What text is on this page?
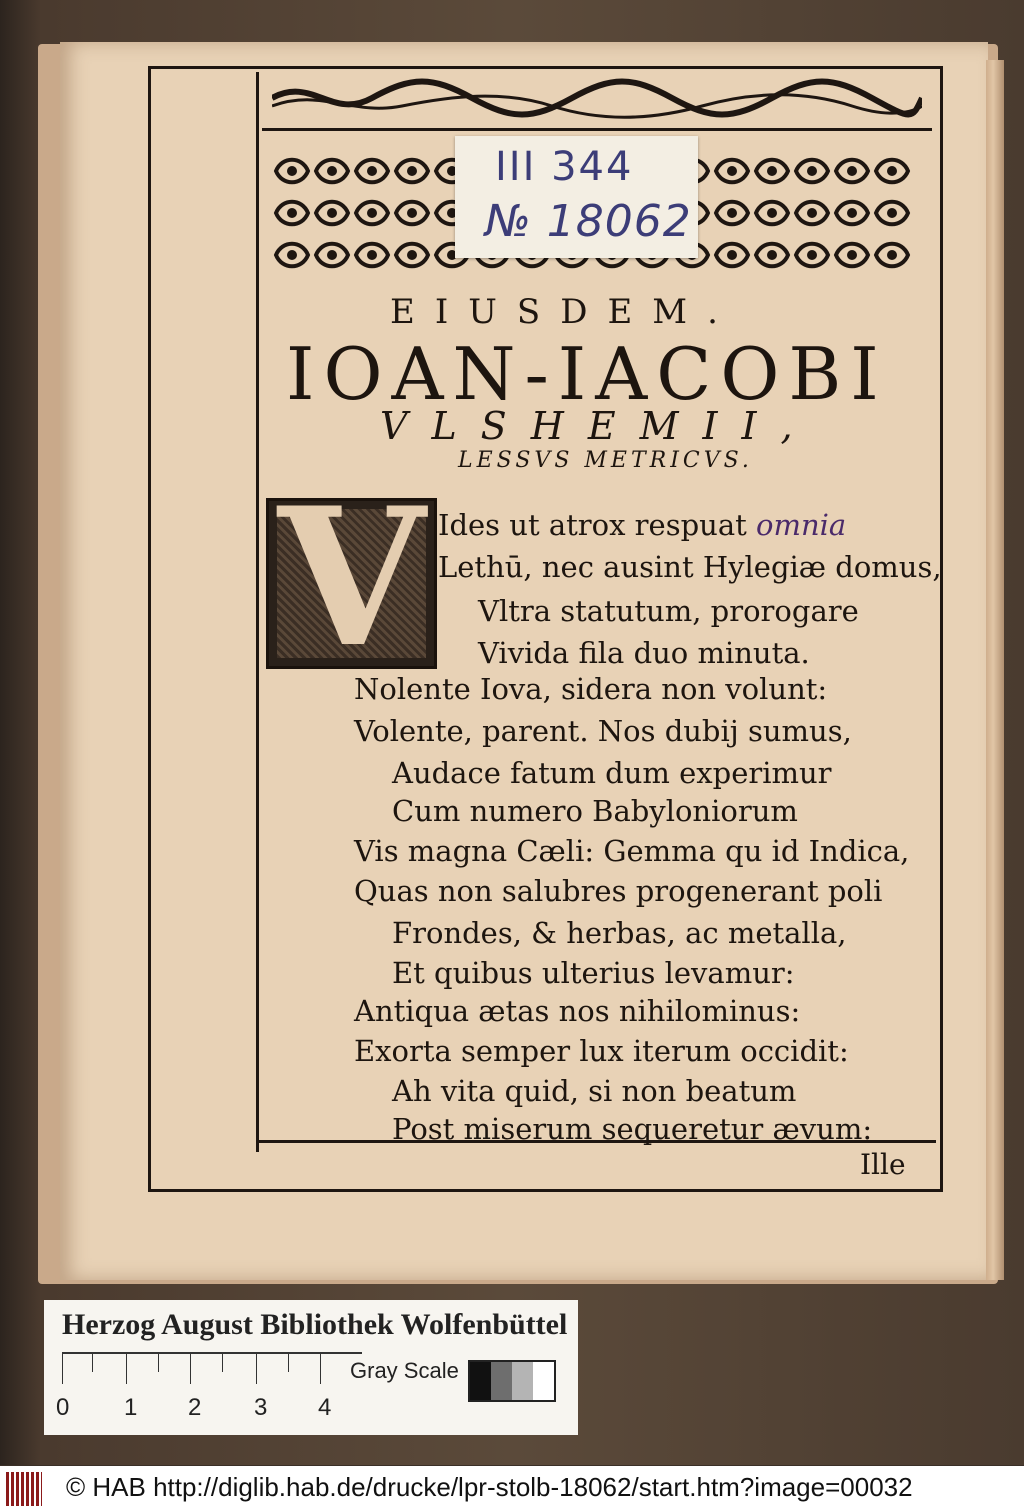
III 344
№ 18062
EIUSDEM.
IOAN-IACOBI
VLSHEMII,
LESSVS METRICVS.
V Ides ut atrox respuat omnia
Lethū, nec ausint Hylegiæ domus,
Vltra statutum, prorogare
Vivida fila duo minuta.
Nolente Iova, sidera non volunt:
Volente, parent. Nos dubij sumus,
Audace fatum dum experimur
Cum numero Babyloniorum
Vis magna Cæli: Gemma qu id Indica,
Quas non salubres progenerant poli
Frondes, & herbas, ac metalla,
Et quibus ulterius levamur:
Antiqua ætas nos nihilominus:
Exorta semper lux iterum occidit:
Ah vita quid, si non beatum
Post miserum sequeretur ævum:
Ille
Herzog August Bibliothek Wolfenbüttel
0 1 2 3 4
Gray Scale
© HAB http://diglib.hab.de/drucke/lpr-stolb-18062/start.htm?image=00032
